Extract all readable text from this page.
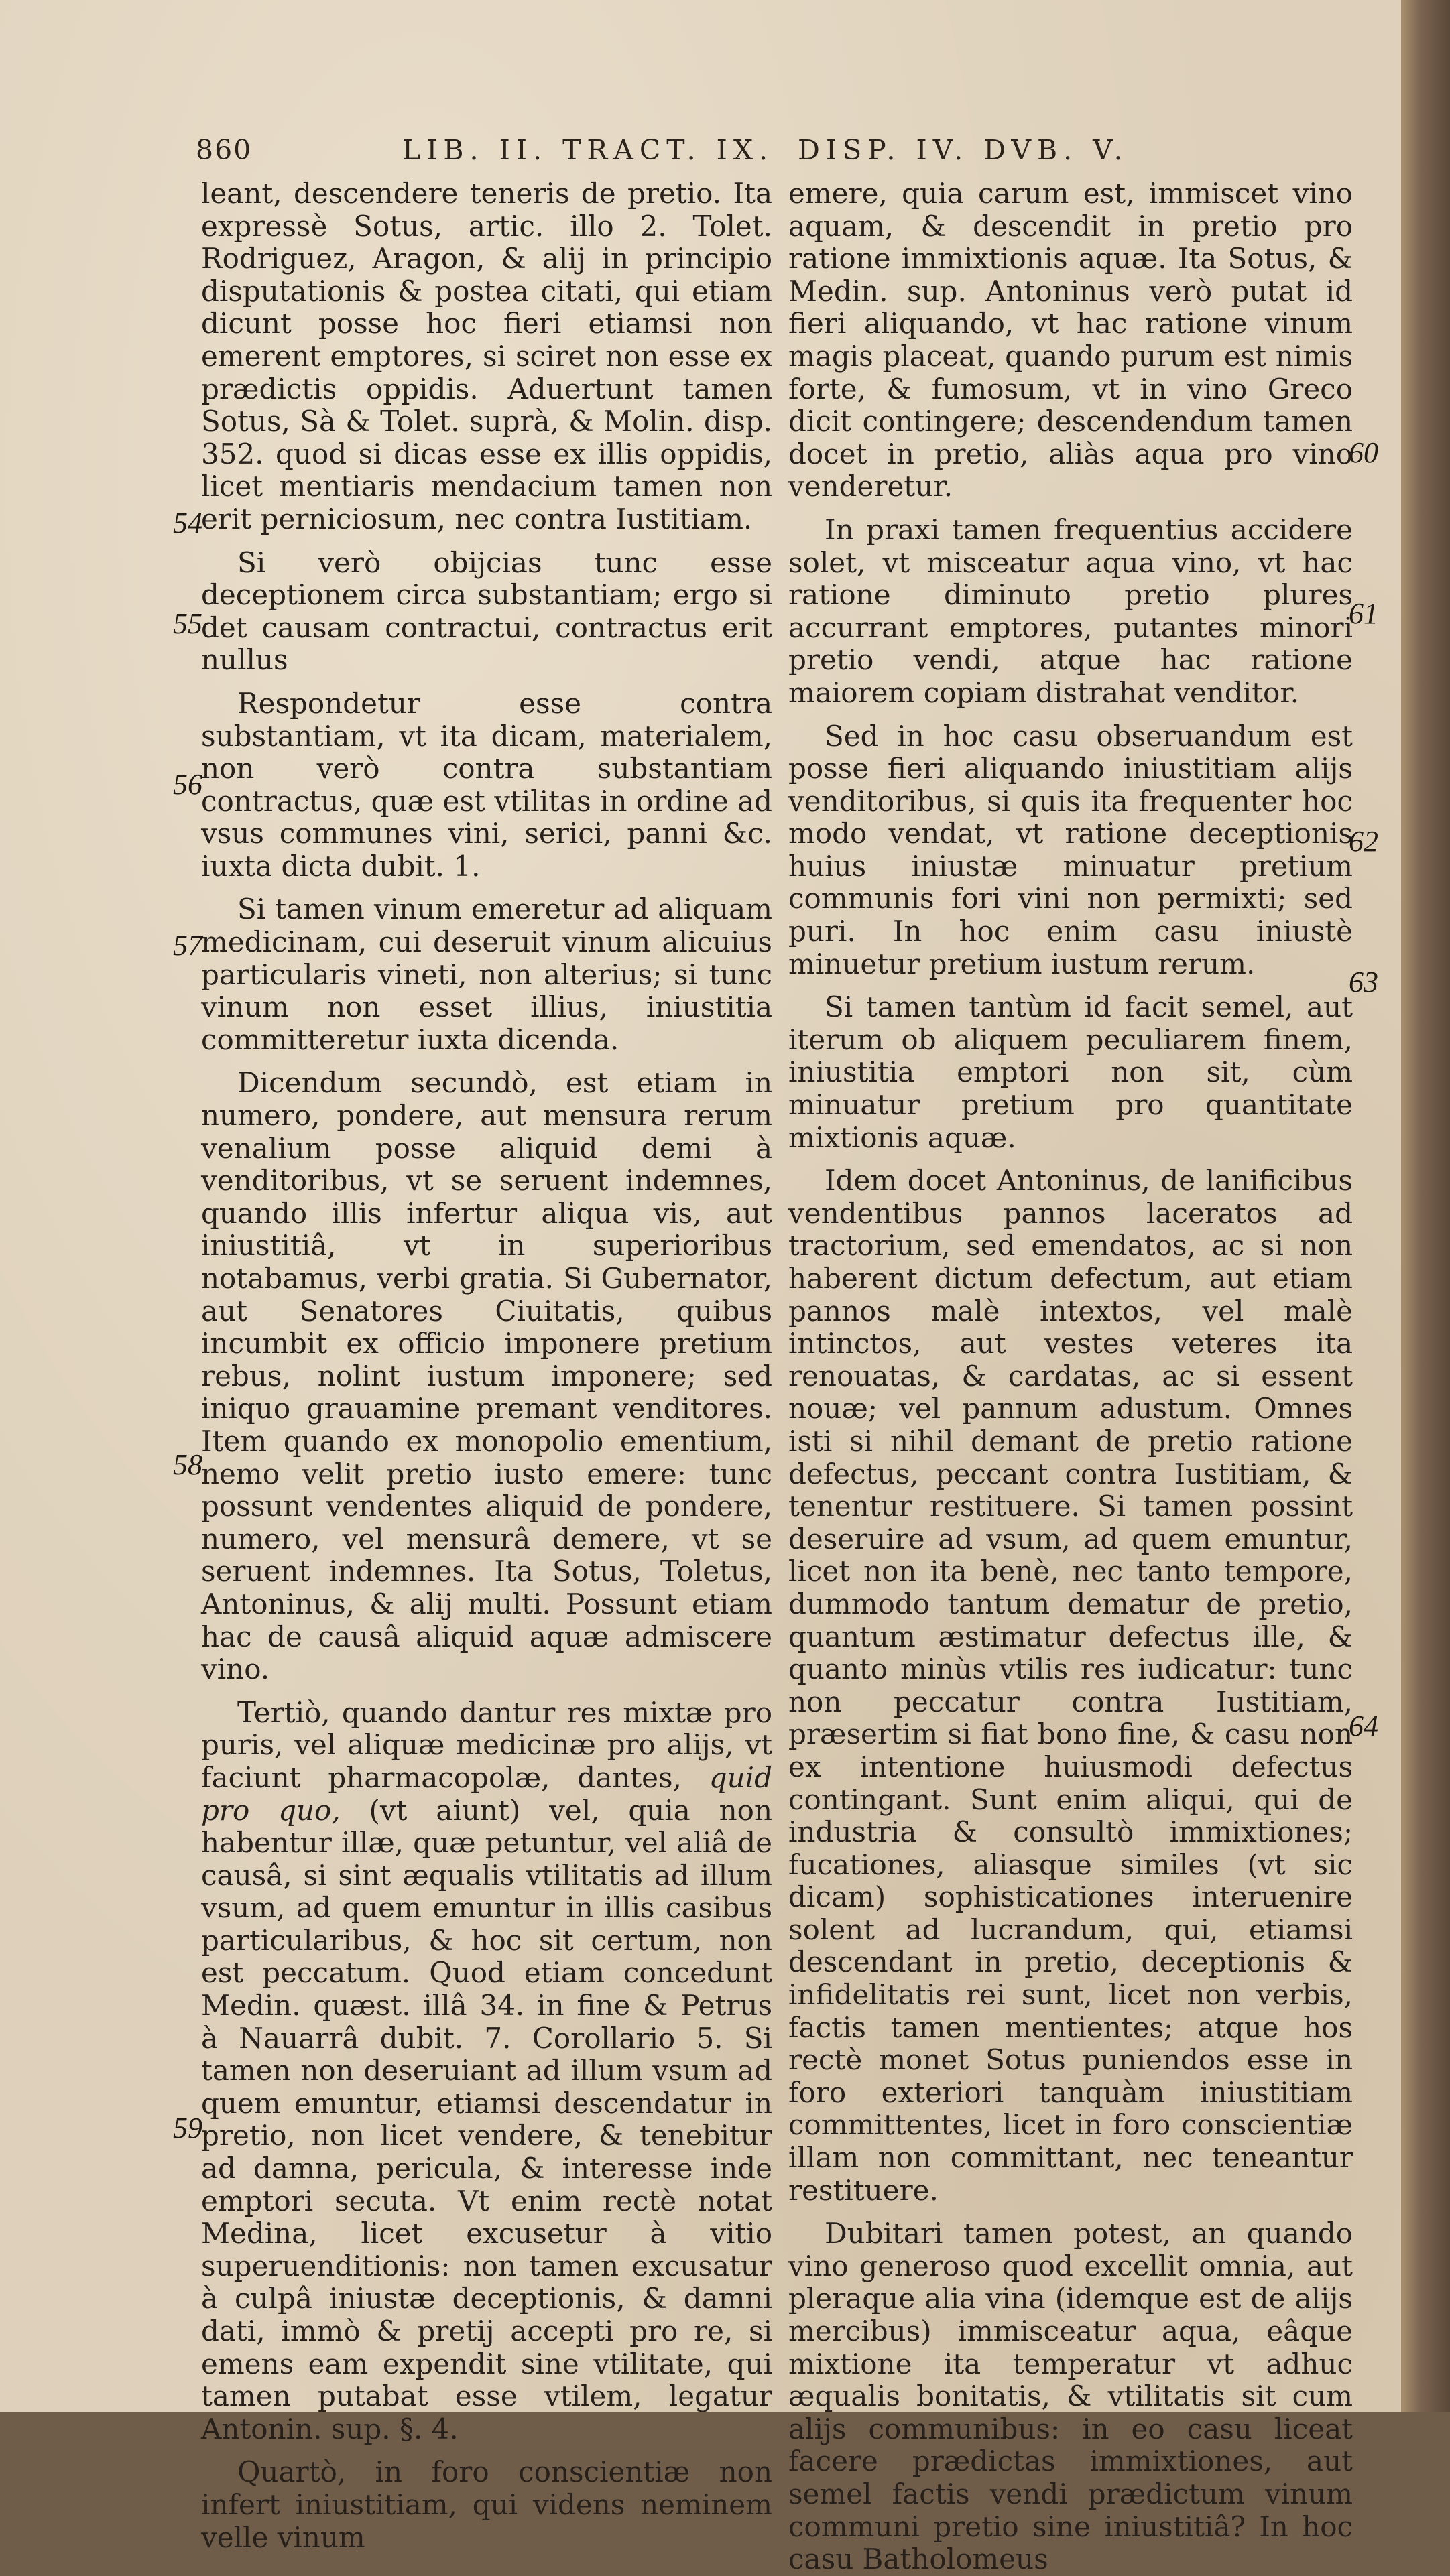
860	LIB. II. TRACT. IX. DISP. IV. DVB. V.
54
55
56
57
58
59
60
61
62
63
64

leant, descendere teneris de pretio. Ita expressè Sotus, artic. illo 2. Tolet. Rodriguez, Aragon, & alij in principio disputationis & postea citati, qui etiam dicunt posse hoc fieri etiamsi non emerent emptores, si sciret non esse ex prædictis oppidis. Aduertunt tamen Sotus, Sà & Tolet. suprà, & Molin. disp. 352. quod si dicas esse ex illis oppidis, licet mentiaris mendacium tamen non erit perniciosum, nec contra Iustitiam.

Si verò obijcias tunc esse deceptionem circa substantiam; ergo si det causam contractui, contractus erit nullus

Respondetur esse contra substantiam, vt ita dicam, materialem, non verò contra substantiam contractus, quæ est vtilitas in ordine ad vsus communes vini, serici, panni &c. iuxta dicta dubit. 1.

Si tamen vinum emeretur ad aliquam medicinam, cui deseruit vinum alicuius particularis vineti, non alterius; si tunc vinum non esset illius, iniustitia committeretur iuxta dicenda.

Dicendum secundò, est etiam in numero, pondere, aut mensura rerum venalium posse aliquid demi à venditoribus, vt se seruent indemnes, quando illis infertur aliqua vis, aut iniustitiâ, vt in superioribus notabamus, verbi gratia. Si Gubernator, aut Senatores Ciuitatis, quibus incumbit ex officio imponere pretium rebus, nolint iustum imponere; sed iniquo grauamine premant venditores. Item quando ex monopolio ementium, nemo velit pretio iusto emere: tunc possunt vendentes aliquid de pondere, numero, vel mensurâ demere, vt se seruent indemnes. Ita Sotus, Toletus, Antoninus, & alij multi. Possunt etiam hac de causâ aliquid aquæ admiscere vino.

Tertiò, quando dantur res mixtæ pro puris, vel aliquæ medicinæ pro alijs, vt faciunt pharmacopolæ, dantes, quid pro quo, (vt aiunt) vel, quia non habentur illæ, quæ petuntur, vel aliâ de causâ, si sint æqualis vtilitatis ad illum vsum, ad quem emuntur in illis casibus particularibus, & hoc sit certum, non est peccatum. Quod etiam concedunt Medin. quæst. illâ 34. in fine & Petrus à Nauarrâ dubit. 7. Corollario 5. Si tamen non deseruiant ad illum vsum ad quem emuntur, etiamsi descendatur in pretio, non licet vendere, & tenebitur ad damna, pericula, & interesse inde emptori secuta. Vt enim rectè notat Medina, licet excusetur à vitio superuenditionis: non tamen excusatur à culpâ iniustæ deceptionis, & damni dati, immò & pretij accepti pro re, si emens eam expendit sine vtilitate, qui tamen putabat esse vtilem, legatur Antonin. sup. §. 4.

Quartò, in foro conscientiæ non infert iniustitiam, qui videns neminem velle vinum

emere, quia carum est, immiscet vino aquam, & descendit in pretio pro ratione immixtionis aquæ. Ita Sotus, & Medin. sup. Antoninus verò putat id fieri aliquando, vt hac ratione vinum magis placeat, quando purum est nimis forte, & fumosum, vt in vino Greco dicit contingere; descendendum tamen docet in pretio, aliàs aqua pro vino venderetur.

In praxi tamen frequentius accidere solet, vt misceatur aqua vino, vt hac ratione diminuto pretio plures accurrant emptores, putantes minori pretio vendi, atque hac ratione maiorem copiam distrahat venditor.

Sed in hoc casu obseruandum est posse fieri aliquando iniustitiam alijs venditoribus, si quis ita frequenter hoc modo vendat, vt ratione deceptionis huius iniustæ minuatur pretium communis fori vini non permixti; sed puri. In hoc enim casu iniustè minuetur pretium iustum rerum.

Si tamen tantùm id facit semel, aut iterum ob aliquem peculiarem finem, iniustitia emptori non sit, cùm minuatur pretium pro quantitate mixtionis aquæ.

Idem docet Antoninus, de lanificibus vendentibus pannos laceratos ad tractorium, sed emendatos, ac si non haberent dictum defectum, aut etiam pannos malè intextos, vel malè intinctos, aut vestes veteres ita renouatas, & cardatas, ac si essent nouæ; vel pannum adustum. Omnes isti si nihil demant de pretio ratione defectus, peccant contra Iustitiam, & tenentur restituere. Si tamen possint deseruire ad vsum, ad quem emuntur, licet non ita benè, nec tanto tempore, dummodo tantum dematur de pretio, quantum æstimatur defectus ille, & quanto minùs vtilis res iudicatur: tunc non peccatur contra Iustitiam, præsertim si fiat bono fine, & casu non ex intentione huiusmodi defectus contingant. Sunt enim aliqui, qui de industria & consultò immixtiones; fucationes, aliasque similes (vt sic dicam) sophisticationes interuenire solent ad lucrandum, qui, etiamsi descendant in pretio, deceptionis & infidelitatis rei sunt, licet non verbis, factis tamen mentientes; atque hos rectè monet Sotus puniendos esse in foro exteriori tanquàm iniustitiam committentes, licet in foro conscientiæ illam non committant, nec teneantur restituere.

Dubitari tamen potest, an quando vino generoso quod excellit omnia, aut pleraque alia vina (idemque est de alijs mercibus) immisceatur aqua, eâque mixtione ita temperatur vt adhuc æqualis bonitatis, & vtilitatis sit cum alijs communibus: in eo casu liceat facere prædictas immixtiones, aut semel factis vendi prædictum vinum communi pretio sine iniustitiâ? In hoc casu Batholomeus
